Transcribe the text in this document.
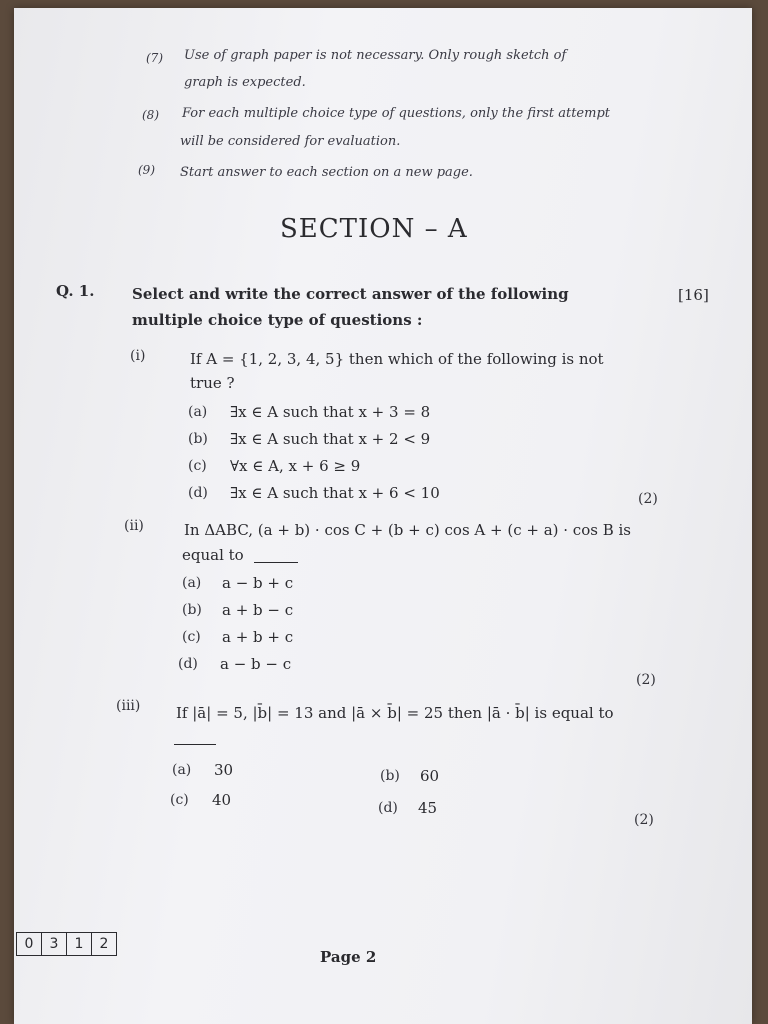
(7) Use of graph paper is not necessary. Only rough sketch of
graph is expected.
(8) For each multiple choice type of questions, only the first attempt
will be considered for evaluation.
(9) Start answer to each section on a new page.
SECTION – A
Q. 1.	Select and write the correct answer of the following
multiple choice type of questions :
[16]
(i)	If A = {1, 2, 3, 4, 5} then which of the following is not
true ?
(a) ∃x ∈ A such that x + 3 = 8
(b) ∃x ∈ A such that x + 2 < 9
(c) ∀x ∈ A, x + 6 ≥ 9
(d) ∃x ∈ A such that x + 6 < 10	(2)
(ii)	In ΔABC, (a + b) · cos C + (b + c) cos A + (c + a) · cos B is
equal to
(a) a − b + c
(b) a + b − c
(c) a + b + c
(d) a − b − c
(2)
(iii) If |ā| = 5, |b̄| = 13 and |ā × b̄| = 25 then |ā · b̄| is equal to
(a) 30	(b) 60
(c) 40	(d) 45
(2)
0	3	1	2
Page 2
